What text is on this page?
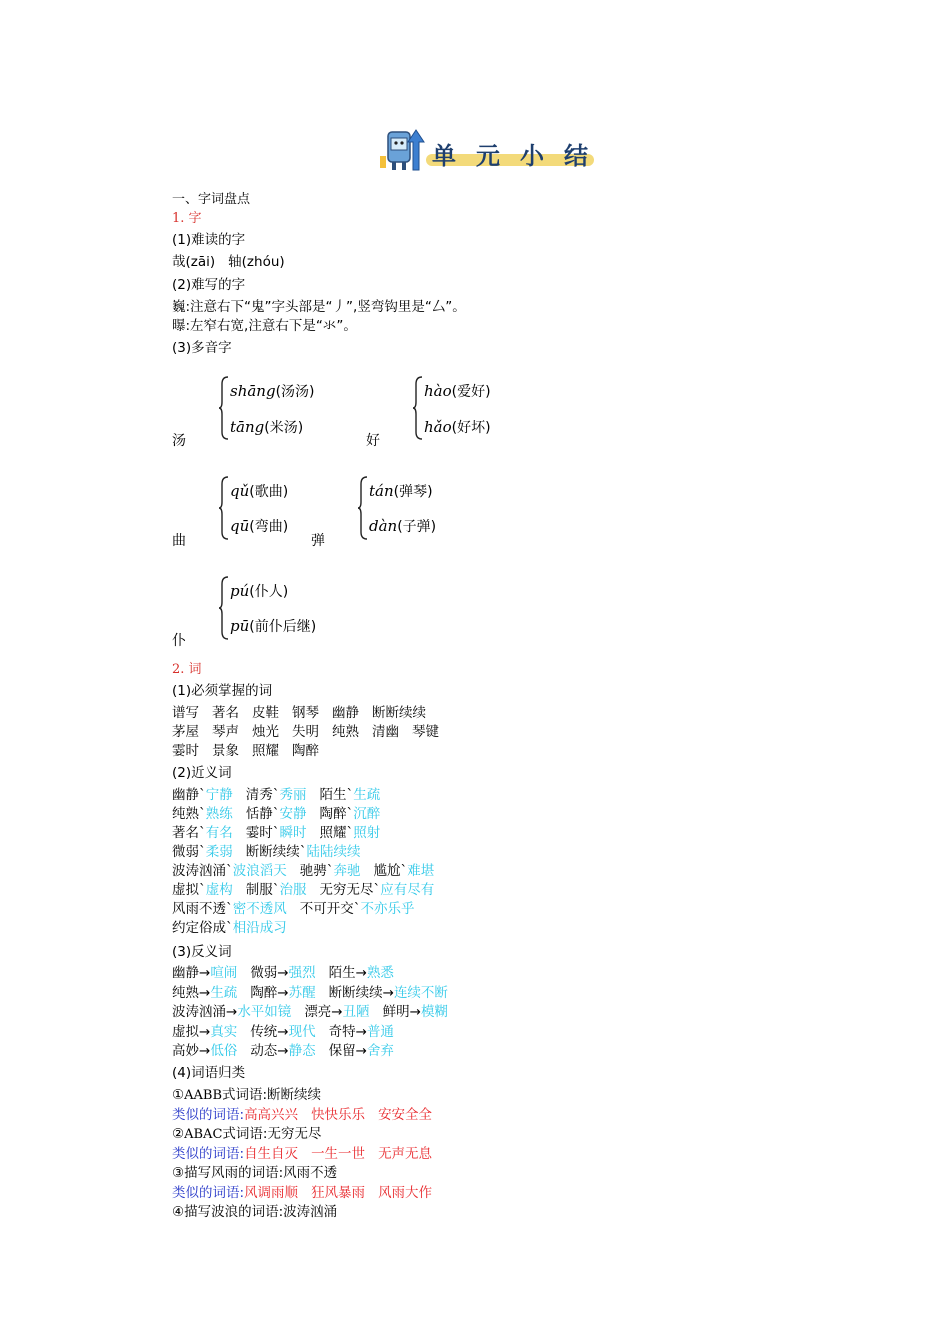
单 元 小 结
一、字词盘点
1. 字
(1)难读的字
哉(zāi) 轴(zhóu)
(2)难写的字
巍:注意右下“鬼”字头部是“丿”,竖弯钩里是“厶”。
曝:左窄右宽,注意右下是“氺”。
(3)多音字
汤
shāng(汤汤)
tāng(米汤)
好
hào(爱好)
hǎo(好坏)
曲
qǔ(歌曲)
qū(弯曲)
弹
tán(弹琴)
dàn(子弹)
仆
pú(仆人)
pū(前仆后继)
2. 词
(1)必须掌握的词
谱写 著名 皮鞋 钢琴 幽静 断断续续
茅屋 琴声 烛光 失明 纯熟 清幽 琴键
霎时 景象 照耀 陶醉
(2)近义词
幽静`宁静 清秀`秀丽 陌生`生疏
纯熟`熟练 恬静`安静 陶醉`沉醉
著名`有名 霎时`瞬时 照耀`照射
微弱`柔弱 断断续续`陆陆续续
波涛汹涌`波浪滔天 驰骋`奔驰 尴尬`难堪
虚拟`虚构 制服`治服 无穷无尽`应有尽有
风雨不透`密不透风 不可开交`不亦乐乎
约定俗成`相沿成习
(3)反义词
幽静→喧闹 微弱→强烈 陌生→熟悉
纯熟→生疏 陶醉→苏醒 断断续续→连续不断
波涛汹涌→水平如镜 漂亮→丑陋 鲜明→模糊
虚拟→真实 传统→现代 奇特→普通
高妙→低俗 动态→静态 保留→舍弃
(4)词语归类
①AABB式词语:断断续续
类似的词语:高高兴兴 快快乐乐 安安全全
②ABAC式词语:无穷无尽
类似的词语:自生自灭 一生一世 无声无息
③描写风雨的词语:风雨不透
类似的词语:风调雨顺 狂风暴雨 风雨大作
④描写波浪的词语:波涛汹涌
